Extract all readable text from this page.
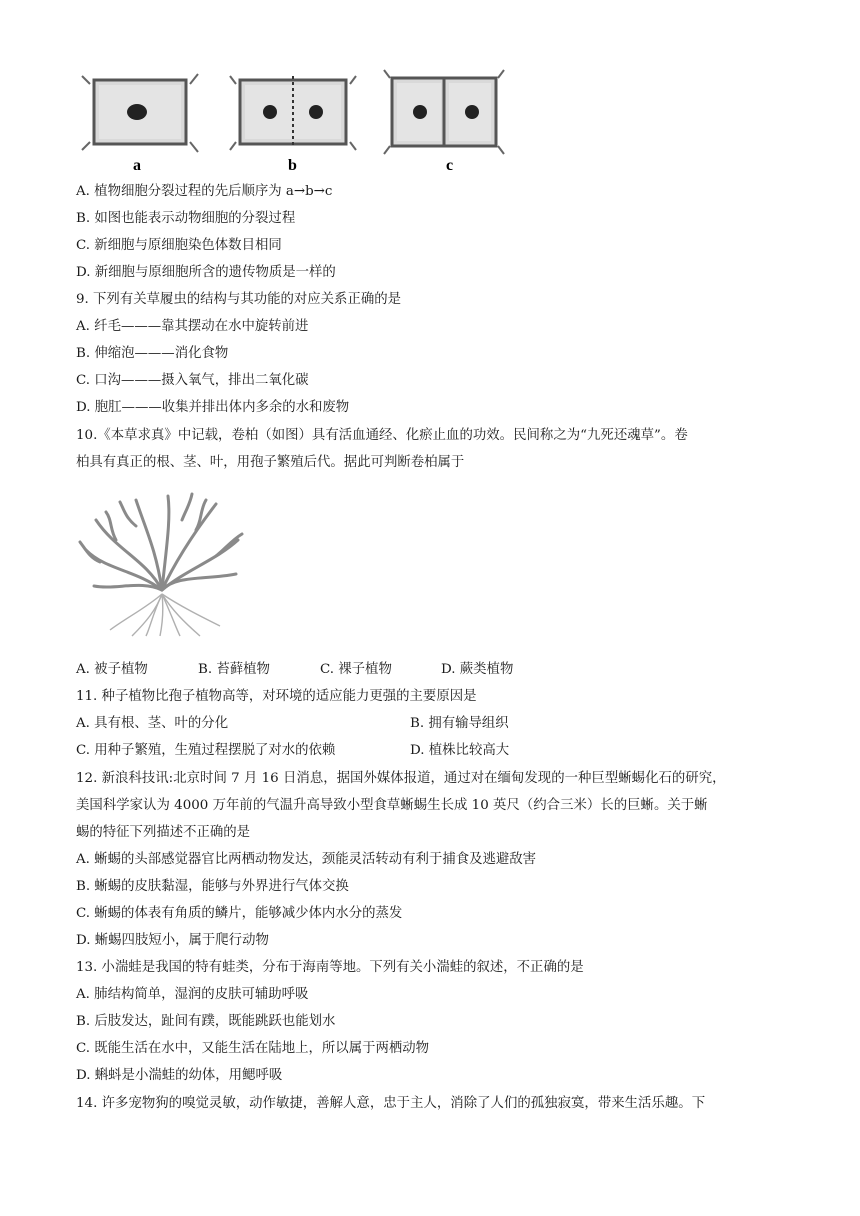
a	b	c
A. 植物细胞分裂过程的先后顺序为 a→b→c
B. 如图也能表示动物细胞的分裂过程
C. 新细胞与原细胞染色体数目相同
D. 新细胞与原细胞所含的遗传物质是一样的
9. 下列有关草履虫的结构与其功能的对应关系正确的是
A. 纤毛———靠其摆动在水中旋转前进
B. 伸缩泡———消化食物
C. 口沟———摄入氧气，排出二氧化碳
D. 胞肛———收集并排出体内多余的水和废物
10.《本草求真》中记载，卷柏（如图）具有活血通经、化瘀止血的功效。民间称之为“九死还魂草”。卷
柏具有真正的根、茎、叶，用孢子繁殖后代。据此可判断卷柏属于
A. 被子植物	B. 苔藓植物	C. 裸子植物	D. 蕨类植物
11. 种子植物比孢子植物高等，对环境的适应能力更强的主要原因是
A. 具有根、茎、叶的分化	B. 拥有输导组织
C. 用种子繁殖，生殖过程摆脱了对水的依赖	D. 植株比较高大
12. 新浪科技讯:北京时间 7 月 16 日消息，据国外媒体报道，通过对在缅甸发现的一种巨型蜥蜴化石的研究，
美国科学家认为 4000 万年前的气温升高导致小型食草蜥蜴生长成 10 英尺（约合三米）长的巨蜥。关于蜥
蜴的特征下列描述不正确的是
A. 蜥蜴的头部感觉器官比两栖动物发达，颈能灵活转动有利于捕食及逃避敌害
B. 蜥蜴的皮肤黏湿，能够与外界进行气体交换
C. 蜥蜴的体表有角质的鳞片，能够减少体内水分的蒸发
D. 蜥蜴四肢短小，属于爬行动物
13. 小湍蛙是我国的特有蛙类，分布于海南等地。下列有关小湍蛙的叙述，不正确的是
A. 肺结构简单，湿润的皮肤可辅助呼吸
B. 后肢发达，趾间有蹼，既能跳跃也能划水
C. 既能生活在水中，又能生活在陆地上，所以属于两栖动物
D. 蝌蚪是小湍蛙的幼体，用鳃呼吸
14. 许多宠物狗的嗅觉灵敏，动作敏捷，善解人意，忠于主人，消除了人们的孤独寂寞，带来生活乐趣。下
